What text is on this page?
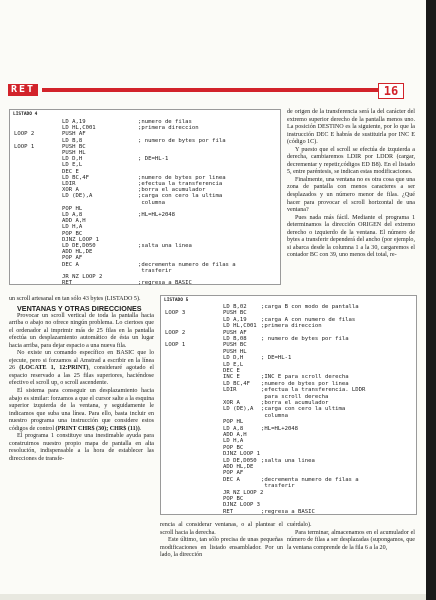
RET	16
LISTADO 4
LD A,19	;numero de filas
LD HL,C001	;primera direccion
LOOP 2	PUSH AF
LD B,8	; numero de bytes por fila
LOOP 1	PUSH BC
PUSH HL
LD D,H	; DE=HL-1
LD E,L
DEC E
LD BC,4F	;numero de bytes por linea
LDIR	;efectua la transferencia
XOR A	;borra el acumulador
LD (DE),A	;carga con cero la ultima
columna
POP HL
LD A,8	;HL=HL+2048
ADD A,H
LD H,A
POP BC
DJNZ LOOP 1
LD DE,D050	;salta una linea
ADD HL,DE
POP AF
DEC A	;decrementa numero de filas a
trasferir
JR NZ LOOP 2
RET	;regresa a BASIC
LISTADO 5
LD B,02	;carga B con modo de pantalla
LOOP 3	PUSH BC
LD A,19	;carga A con numero de filas
LD HL,C001 ;primera direccion
LOOP 2	PUSH AF
LD B,08	; numero de bytes por fila
LOOP 1	PUSH BC
PUSH HL
LD D,H	; DE=HL-1
LD E,L
DEC E
INC E	;INC E para scroll derecha
LD BC,4F ;numero de bytes por linea
LDIR	;efectua la transferencia. LDDR
para scroll derecha
XOR A	;borra el acumulador
LD (DE),A ;carga con cero la ultima
columna
POP HL
LD A,8	;HL=HL+2048
ADD A,H
LD H,A
POP BC
DJNZ LOOP 1
LD DE,D050 ;salta una linea
ADD HL,DE
POP AF
DEC A	;decrementa numero de filas a
trasferir
JR NZ LOOP 2
POP BC
DJNZ LOOP 3
RET	;regresa a BASIC

de origen de la transferencia será la del carácter del extremo superior derecho de la pantalla menos uno. La posición DESTINO es la siguiente, por lo que la instrucción DEC E habrás de sustituirla por INC E (código 1C).

Y puesto que el scroll se efectúa de izquierda a derecha, cambiaremos LDIR por LDDR (cargar, decrementar y repetir,códigos ED B8). En el listado 5, entre paréntesis, se indican estas modificaciones.

Finalmente, una ventana no es otra cosa que una zona de pantalla con menos caracteres a ser desplazados y un número menor de filas. ¿Qué hacer para provocar el scroll horizontal de una ventana?

Pues nada más fácil. Mediante el programa 1 determinamos la dirección ORIGEN del extremo derecho o izquierdo de la ventana. El número de bytes a transferir dependerá del ancho (por ejemplo, si abarca desde la columna 1 a la 30, cargaremos el contador BC con 39, uno menos del total, re-

un scroll artesanal en tan sólo 43 bytes (LISTADO 5).

VENTANAS Y OTRAS DIRECCIONES

Provocar un scroll vertical de toda la pantalla hacia arriba o abajo no ofrece ningún problema. Lo ciertoes que el ordenador al imprimir más de 25 filas en la pantalla efectúa un desplazamiento automático de ésta un lugar hacia arriba, para dejar espacio a una nueva fila.

No existe un comando específico en BASIC que lo ejecute, pero si forzamos al Amstrad a escribir en la línea 26 (LOCATE 1, 12:PRINT), consideraré agotado el espacio reservado a las 25 filas superiores, haciéndose efectivo el scroll up, o scroll ascendente.

El sistema para conseguir un desplazamiento hacia abajo es similar: forzamos a que el cursor salte a la esquina superior izquierda de la ventana, y seguidamente le indicamos que suba una línea. Para ello, basta incluir en nuestro programa una instrucción que considere estos códigos de control (PRINT CHR$ (30); CHR$ (11)).

El programa 1 constituye una inestimable ayuda para construirnos nuestro propio mapa de pantalla en alta resolución, indispensable a la hora de establecer las direcciones de transfe-

rencia al considerar ventanas, o al plantear el scroll hacia la derecha.

Este último, tan sólo precisa de unas pequeñas modificaciones en listado ensamblador. Por un lado, la dirección

cuérdalo).

Para terminar, almacenamos en el acumulador el número de filas a ser desplazadas (supongamos, que la ventana comprende de la fila 6 a la 20,
